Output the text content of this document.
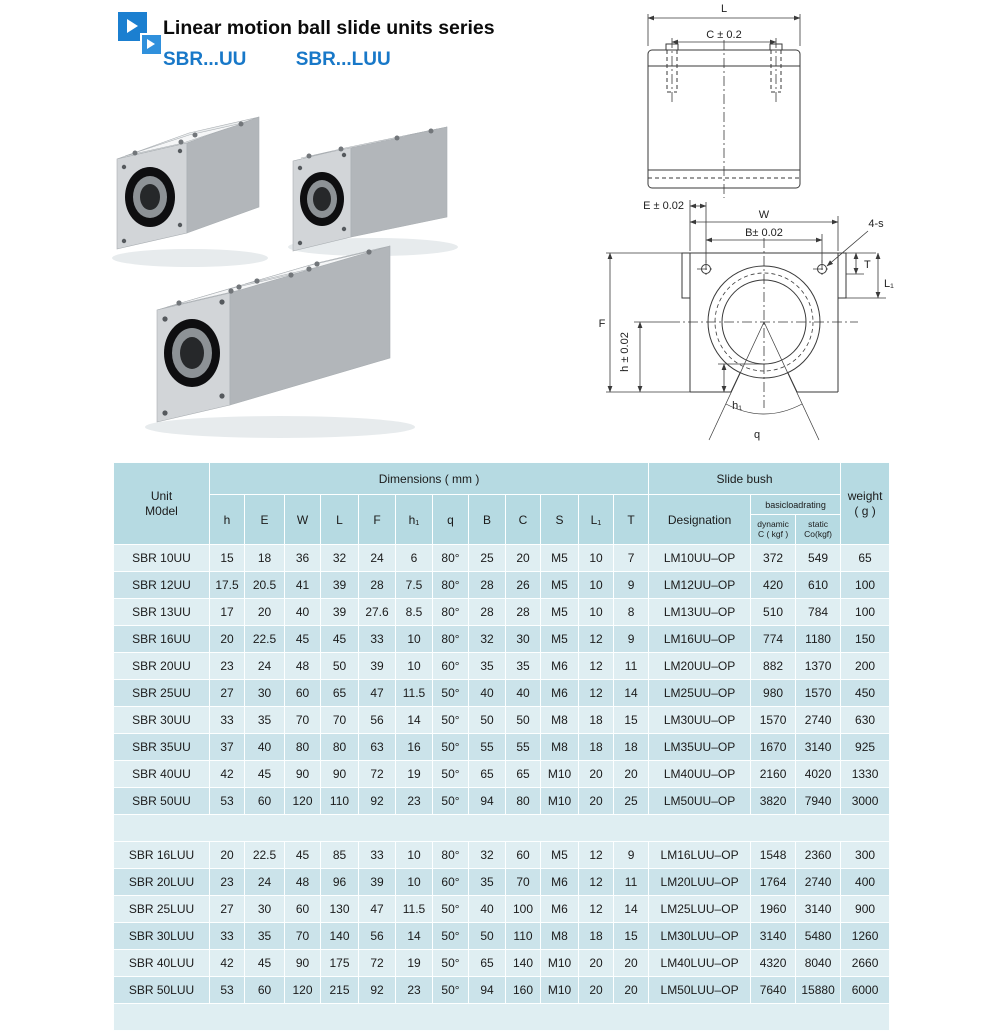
Linear motion ball slide units series
SBR...UU	SBR...LUU
L
C ± 0.2
E ± 0.02
W
B± 0.02
4-s
T
L₁
F
h ± 0.02
h₁
q
Unit
M0del
	Dimensions ( mm )	Slide bush	
weight
( g )

	h	E	W	L	F	h₁	q	B	C	S	L₁	T	Designation	basicloadrating		

dynamic
C ( kgf )

static
Co(kgf)

SBR 10UU	15	18	36	32	24	6	80°	25	20	M5	10	7	LM10UU–OP	372	549	65
SBR 12UU	17.5	20.5	41	39	28	7.5	80°	28	26	M5	10	9	LM12UU–OP	420	610	100
SBR 13UU	17	20	40	39	27.6	8.5	80°	28	28	M5	10	8	LM13UU–OP	510	784	100
SBR 16UU	20	22.5	45	45	33	10	80°	32	30	M5	12	9	LM16UU–OP	774	1180	150
SBR 20UU	23	24	48	50	39	10	60°	35	35	M6	12	11	LM20UU–OP	882	1370	200
SBR 25UU	27	30	60	65	47	11.5	50°	40	40	M6	12	14	LM25UU–OP	980	1570	450
SBR 30UU	33	35	70	70	56	14	50°	50	50	M8	18	15	LM30UU–OP	1570	2740	630
SBR 35UU	37	40	80	80	63	16	50°	55	55	M8	18	18	LM35UU–OP	1670	3140	925
SBR 40UU	42	45	90	90	72	19	50°	65	65	M10	20	20	LM40UU–OP	2160	4020	1330
SBR 50UU	53	60	120	110	92	23	50°	94	80	M10	20	25	LM50UU–OP	3820	7940	3000

SBR 16LUU	20	22.5	45	85	33	10	80°	32	60	M5	12	9	LM16LUU–OP	1548	2360	300
SBR 20LUU	23	24	48	96	39	10	60°	35	70	M6	12	11	LM20LUU–OP	1764	2740	400
SBR 25LUU	27	30	60	130	47	11.5	50°	40	100	M6	12	14	LM25LUU–OP	1960	3140	900
SBR 30LUU	33	35	70	140	56	14	50°	50	110	M8	18	15	LM30LUU–OP	3140	5480	1260
SBR 40LUU	42	45	90	175	72	19	50°	65	140	M10	20	20	LM40LUU–OP	4320	8040	2660
SBR 50LUU	53	60	120	215	92	23	50°	94	160	M10	20	20	LM50LUU–OP	7640	15880	6000
